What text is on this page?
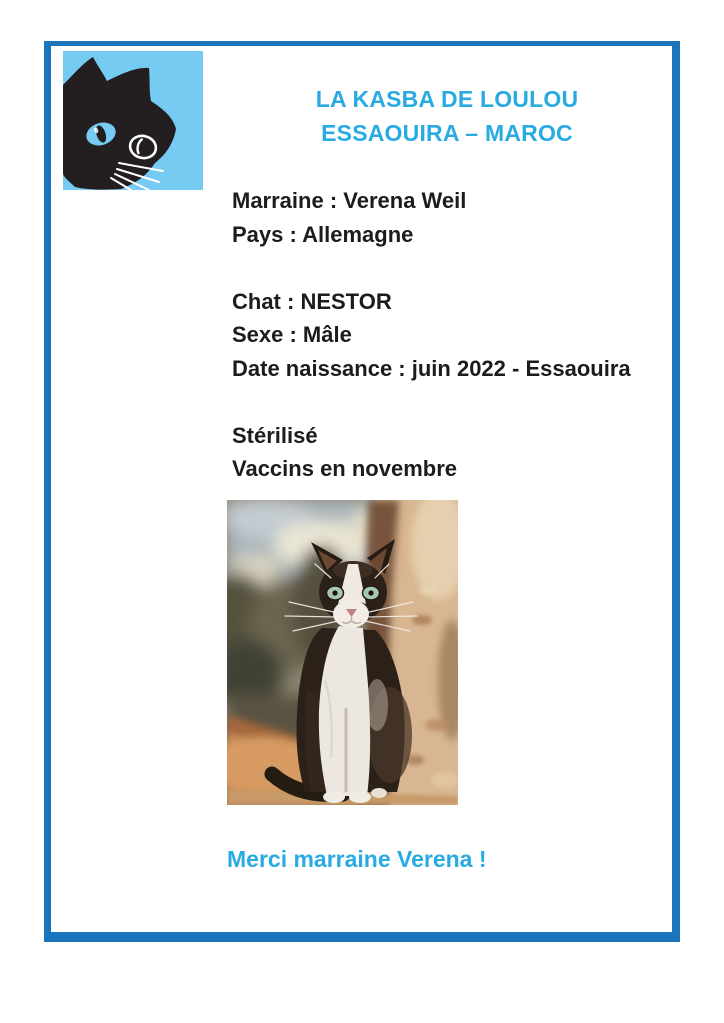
LA KASBA DE LOULOU
ESSAOUIRA – MAROC
Marraine : Verena Weil
Pays : Allemagne
Chat : NESTOR
Sexe : Mâle
Date naissance : juin 2022 - Essaouira
Stérilisé
Vaccins en novembre
Merci marraine Verena !
